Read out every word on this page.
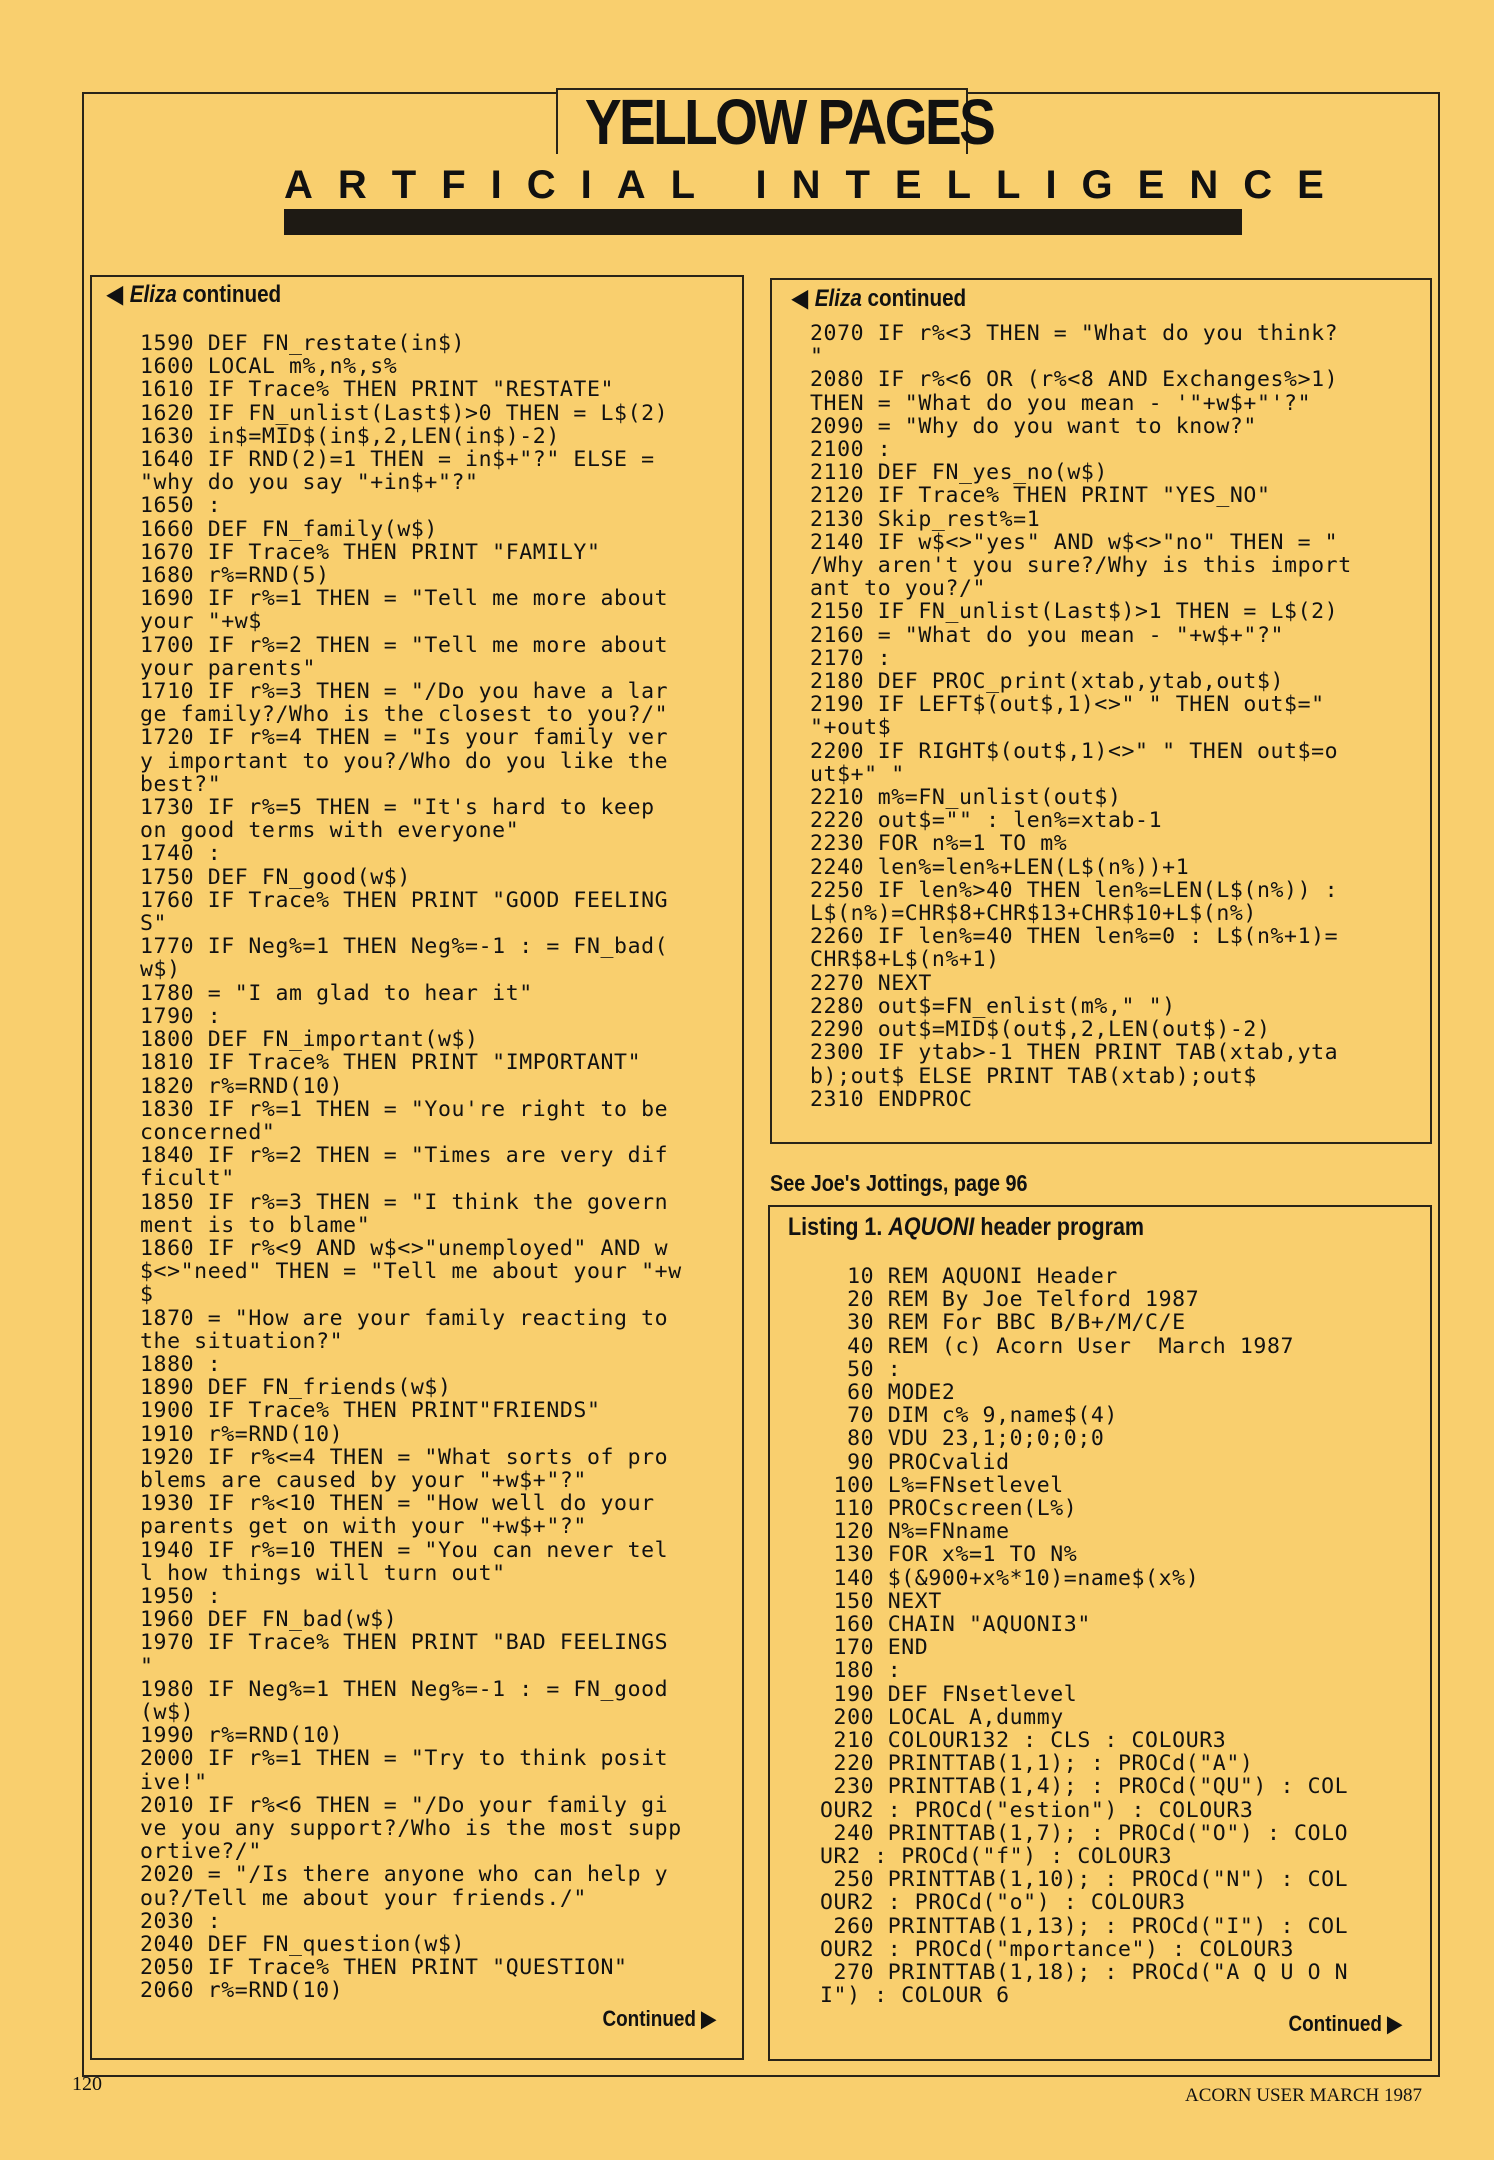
YELLOW PAGES
ARTFICIAL INTELLIGENCE
◀ Eliza continued
1590 DEF FN_restate(in$)
1600 LOCAL m%,n%,s%
1610 IF Trace% THEN PRINT "RESTATE"
1620 IF FN_unlist(Last$)>0 THEN = L$(2)
1630 in$=MID$(in$,2,LEN(in$)-2)
1640 IF RND(2)=1 THEN = in$+"?" ELSE =
"why do you say "+in$+"?"
1650 :
1660 DEF FN_family(w$)
1670 IF Trace% THEN PRINT "FAMILY"
1680 r%=RND(5)
1690 IF r%=1 THEN = "Tell me more about
your "+w$
1700 IF r%=2 THEN = "Tell me more about
your parents"
1710 IF r%=3 THEN = "/Do you have a lar
ge family?/Who is the closest to you?/"
1720 IF r%=4 THEN = "Is your family ver
y important to you?/Who do you like the
best?"
1730 IF r%=5 THEN = "It's hard to keep
on good terms with everyone"
1740 :
1750 DEF FN_good(w$)
1760 IF Trace% THEN PRINT "GOOD FEELING
S"
1770 IF Neg%=1 THEN Neg%=-1 : = FN_bad(
w$)
1780 = "I am glad to hear it"
1790 :
1800 DEF FN_important(w$)
1810 IF Trace% THEN PRINT "IMPORTANT"
1820 r%=RND(10)
1830 IF r%=1 THEN = "You're right to be
concerned"
1840 IF r%=2 THEN = "Times are very dif
ficult"
1850 IF r%=3 THEN = "I think the govern
ment is to blame"
1860 IF r%<9 AND w$<>"unemployed" AND w
$<>"need" THEN = "Tell me about your "+w
$
1870 = "How are your family reacting to
the situation?"
1880 :
1890 DEF FN_friends(w$)
1900 IF Trace% THEN PRINT"FRIENDS"
1910 r%=RND(10)
1920 IF r%<=4 THEN = "What sorts of pro
blems are caused by your "+w$+"?"
1930 IF r%<10 THEN = "How well do your
parents get on with your "+w$+"?"
1940 IF r%=10 THEN = "You can never tel
l how things will turn out"
1950 :
1960 DEF FN_bad(w$)
1970 IF Trace% THEN PRINT "BAD FEELINGS
"
1980 IF Neg%=1 THEN Neg%=-1 : = FN_good
(w$)
1990 r%=RND(10)
2000 IF r%=1 THEN = "Try to think posit
ive!"
2010 IF r%<6 THEN = "/Do your family gi
ve you any support?/Who is the most supp
ortive?/"
2020 = "/Is there anyone who can help y
ou?/Tell me about your friends./"
2030 :
2040 DEF FN_question(w$)
2050 IF Trace% THEN PRINT "QUESTION"
2060 r%=RND(10)
Continued ▶
◀ Eliza continued
2070 IF r%<3 THEN = "What do you think?
"
2080 IF r%<6 OR (r%<8 AND Exchanges%>1)
THEN = "What do you mean - '"+w$+"'?"
2090 = "Why do you want to know?"
2100 :
2110 DEF FN_yes_no(w$)
2120 IF Trace% THEN PRINT "YES_NO"
2130 Skip_rest%=1
2140 IF w$<>"yes" AND w$<>"no" THEN = "
/Why aren't you sure?/Why is this import
ant to you?/"
2150 IF FN_unlist(Last$)>1 THEN = L$(2)
2160 = "What do you mean - "+w$+"?"
2170 :
2180 DEF PROC_print(xtab,ytab,out$)
2190 IF LEFT$(out$,1)<>" " THEN out$="
"+out$
2200 IF RIGHT$(out$,1)<>" " THEN out$=o
ut$+" "
2210 m%=FN_unlist(out$)
2220 out$="" : len%=xtab-1
2230 FOR n%=1 TO m%
2240 len%=len%+LEN(L$(n%))+1
2250 IF len%>40 THEN len%=LEN(L$(n%)) :
L$(n%)=CHR$8+CHR$13+CHR$10+L$(n%)
2260 IF len%=40 THEN len%=0 : L$(n%+1)=
CHR$8+L$(n%+1)
2270 NEXT
2280 out$=FN_enlist(m%," ")
2290 out$=MID$(out$,2,LEN(out$)-2)
2300 IF ytab>-1 THEN PRINT TAB(xtab,yta
b);out$ ELSE PRINT TAB(xtab);out$
2310 ENDPROC
See Joe's Jottings, page 96
Listing 1. AQUONI header program
10 REM AQUONI Header
20 REM By Joe Telford 1987
30 REM For BBC B/B+/M/C/E
40 REM (c) Acorn User  March 1987
50 :
60 MODE2
70 DIM c% 9,name$(4)
80 VDU 23,1;0;0;0;0
90 PROCvalid
100 L%=FNsetlevel
110 PROCscreen(L%)
120 N%=FNname
130 FOR x%=1 TO N%
140 $(&900+x%*10)=name$(x%)
150 NEXT
160 CHAIN "AQUONI3"
170 END
180 :
190 DEF FNsetlevel
200 LOCAL A,dummy
210 COLOUR132 : CLS : COLOUR3
220 PRINTTAB(1,1); : PROCd("A")
230 PRINTTAB(1,4); : PROCd("QU") : COL
OUR2 : PROCd("estion") : COLOUR3
240 PRINTTAB(1,7); : PROCd("O") : COLO
UR2 : PROCd("f") : COLOUR3
250 PRINTTAB(1,10); : PROCd("N") : COL
OUR2 : PROCd("o") : COLOUR3
260 PRINTTAB(1,13); : PROCd("I") : COL
OUR2 : PROCd("mportance") : COLOUR3
270 PRINTTAB(1,18); : PROCd("A Q U O N
I") : COLOUR 6
Continued ▶
120
ACORN USER MARCH 1987
